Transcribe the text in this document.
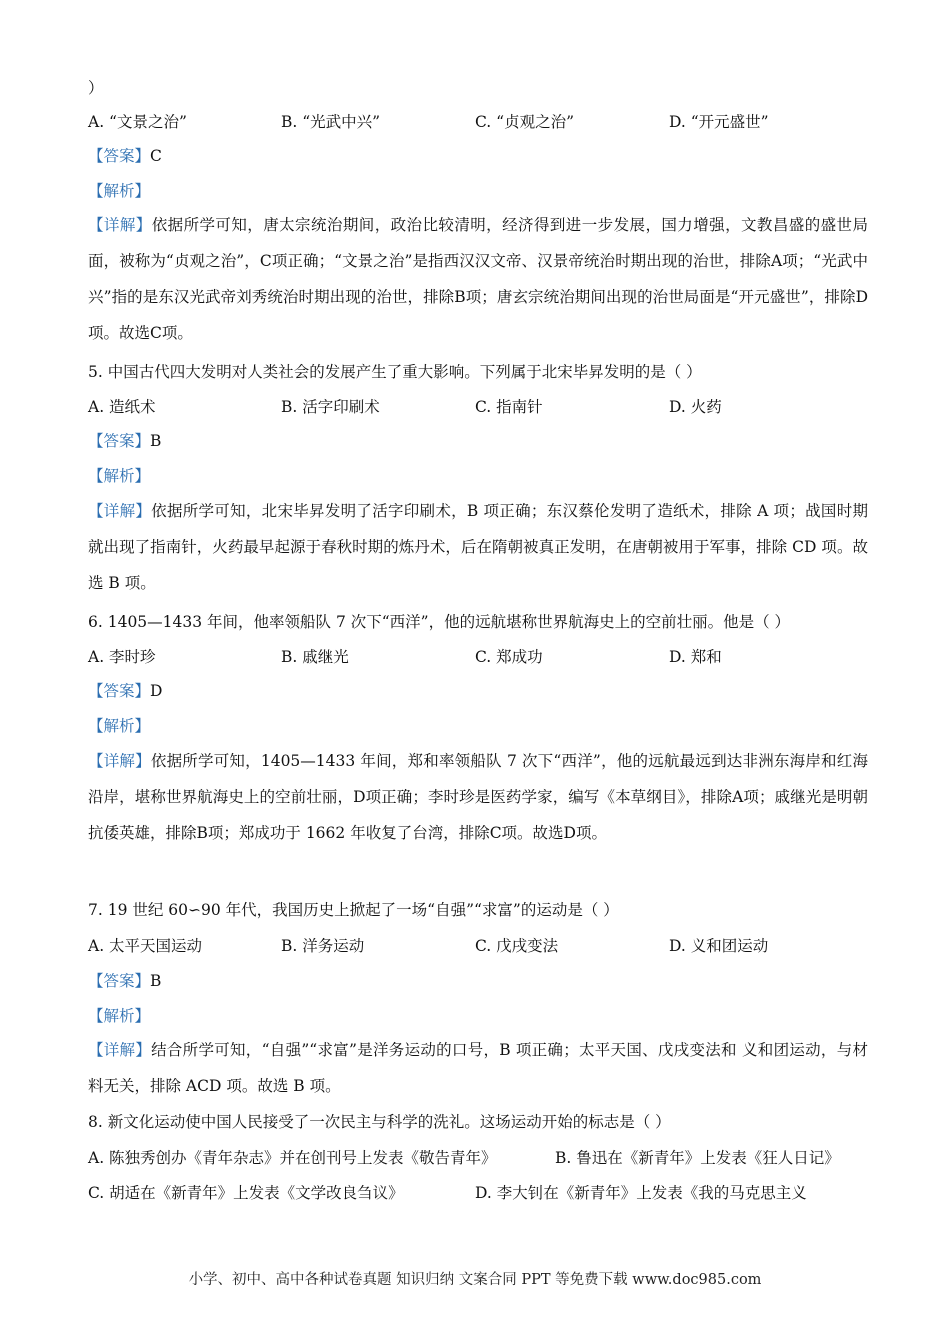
）
A. “文景之治”	B. “光武中兴”	C. “贞观之治”	D. “开元盛世”
【答案】C
【解析】
【详解】依据所学可知，唐太宗统治期间，政治比较清明，经济得到进一步发展，国力增强，文教昌盛的盛世局面，被称为“贞观之治”，C项正确；“文景之治”是指西汉汉文帝、汉景帝统治时期出现的治世，排除A项；“光武中兴”指的是东汉光武帝刘秀统治时期出现的治世，排除B项；唐玄宗统治期间出现的治世局面是“开元盛世”，排除D项。故选C项。
5. 中国古代四大发明对人类社会的发展产生了重大影响。下列属于北宋毕昇发明的是（ ）
A. 造纸术	B. 活字印刷术	C. 指南针	D. 火药
【答案】B
【解析】
【详解】依据所学可知，北宋毕昇发明了活字印刷术，B 项正确；东汉蔡伦发明了造纸术，排除 A 项；战国时期就出现了指南针，火药最早起源于春秋时期的炼丹术，后在隋朝被真正发明，在唐朝被用于军事，排除 CD 项。故选 B 项。
6. 1405—1433 年间，他率领船队 7 次下“西洋”，他的远航堪称世界航海史上的空前壮丽。他是（ ）
A. 李时珍	B. 戚继光	C. 郑成功	D. 郑和
【答案】D
【解析】
【详解】依据所学可知，1405—1433 年间，郑和率领船队 7 次下“西洋”，他的远航最远到达非洲东海岸和红海沿岸，堪称世界航海史上的空前壮丽，D项正确；李时珍是医药学家，编写《本草纲目》，排除A项；戚继光是明朝抗倭英雄，排除B项；郑成功于 1662 年收复了台湾，排除C项。故选D项。
7. 19 世纪 60∽90 年代，我国历史上掀起了一场“自强”“求富”的运动是（ ）
A. 太平天国运动	B. 洋务运动	C. 戊戌变法	D. 义和团运动
【答案】B
【解析】
【详解】结合所学可知，“自强”“求富”是洋务运动的口号，B 项正确；太平天国、戊戌变法和 义和团运动，与材料无关，排除 ACD 项。故选 B 项。
8. 新文化运动使中国人民接受了一次民主与科学的洗礼。这场运动开始的标志是（ ）
A. 陈独秀创办《青年杂志》并在创刊号上发表《敬告青年》	B. 鲁迅在《新青年》上发表《狂人日记》
C. 胡适在《新青年》上发表《文学改良刍议》	D. 李大钊在《新青年》上发表《我的马克思主义
小学、初中、高中各种试卷真题 知识归纳 文案合同 PPT 等免费下载 www.doc985.com
